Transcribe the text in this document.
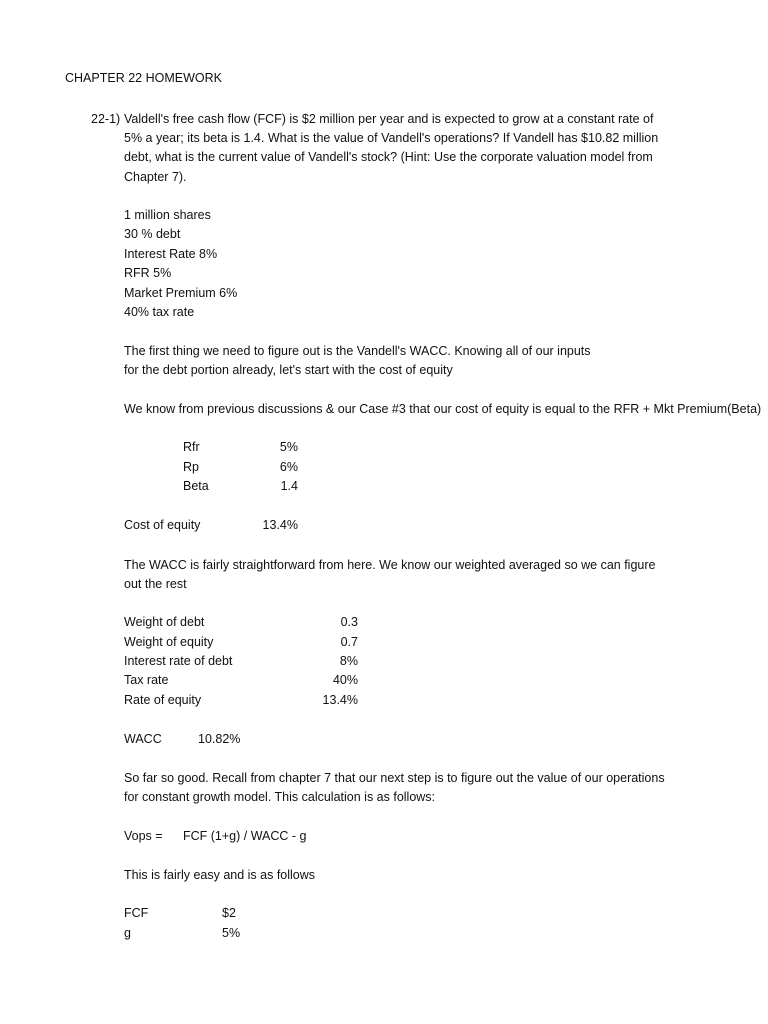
CHAPTER 22 HOMEWORK
22-1) Valdell's free cash flow (FCF) is $2 million per year and is expected to grow at a constant rate of
5% a year; its beta is 1.4. What is the value of Vandell's operations? If Vandell has $10.82 million
debt, what is the current value of Vandell's stock? (Hint: Use the corporate valuation model from
Chapter 7).
1 million shares
30 % debt
Interest Rate 8%
RFR 5%
Market Premium 6%
40% tax rate
The first thing we need to figure out is the Vandell's WACC. Knowing all of our inputs
for the debt portion already, let's start with the cost of equity
We know from previous discussions & our Case #3 that our cost of equity is equal to the RFR + Mkt Premium(Beta)
Rfr	5%
Rp	6%
Beta	1.4
Cost of equity	13.4%
The WACC is fairly straightforward from here. We know our weighted averaged so we can figure
out the rest
Weight of debt	0.3
Weight of equity	0.7
Interest rate of debt	8%
Tax rate	40%
Rate of equity	13.4%
WACC	10.82%
So far so good. Recall from chapter 7 that our next step is to figure out the value of our operations
for constant growth model. This calculation is as follows:
Vops = FCF (1+g) / WACC - g
This is fairly easy and is as follows
FCF	$2
g	5%
